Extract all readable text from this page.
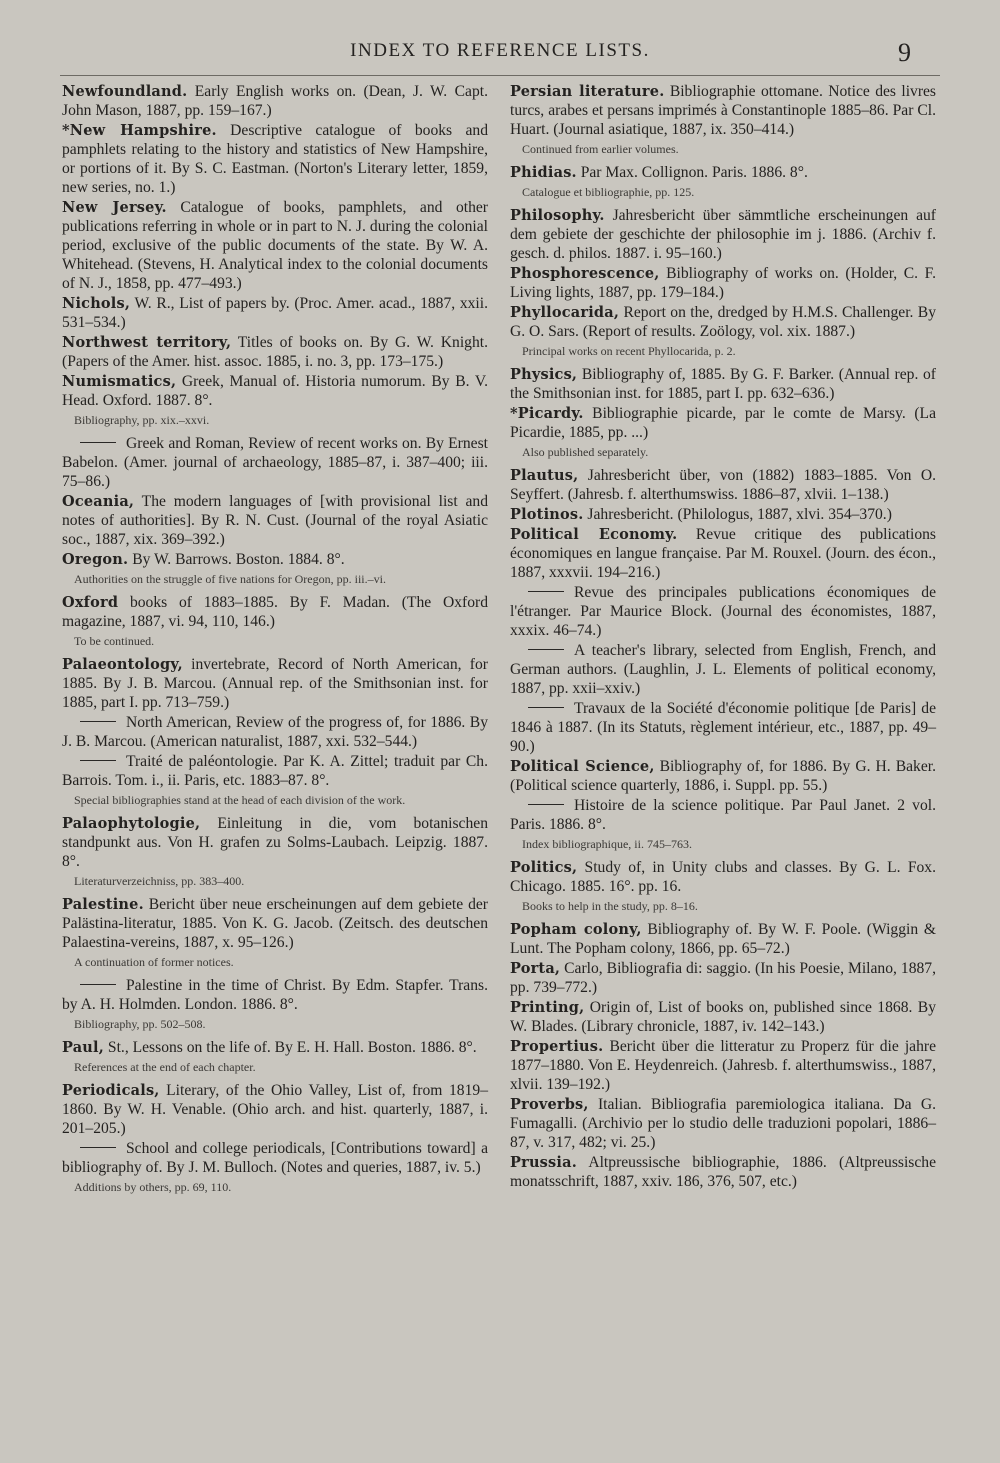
INDEX TO REFERENCE LISTS.	9
Newfoundland. Early English works on. (Dean, J. W. Capt. John Mason, 1887, pp. 159–167.)
*New Hampshire. Descriptive catalogue of books and pamphlets relating to the history and statistics of New Hampshire, or portions of it. By S. C. Eastman. (Norton's Literary letter, 1859, new series, no. 1.)
New Jersey. Catalogue of books, pamphlets, and other publications referring in whole or in part to N. J. during the colonial period, exclusive of the public documents of the state. By W. A. Whitehead. (Stevens, H. Analytical index to the colonial documents of N. J., 1858, pp. 477–493.)
Nichols, W. R., List of papers by. (Proc. Amer. acad., 1887, xxii. 531–534.)
Northwest territory, Titles of books on. By G. W. Knight. (Papers of the Amer. hist. assoc. 1885, i. no. 3, pp. 173–175.)
Numismatics, Greek, Manual of. Historia numorum. By B. V. Head. Oxford. 1887. 8°.
Bibliography, pp. xix.–xxvi.
Greek and Roman, Review of recent works on. By Ernest Babelon. (Amer. journal of archaeology, 1885–87, i. 387–400; iii. 75–86.)
Oceania, The modern languages of [with provisional list and notes of authorities]. By R. N. Cust. (Journal of the royal Asiatic soc., 1887, xix. 369–392.)
Oregon. By W. Barrows. Boston. 1884. 8°.
Authorities on the struggle of five nations for Oregon, pp. iii.–vi.
Oxford books of 1883–1885. By F. Madan. (The Oxford magazine, 1887, vi. 94, 110, 146.)
To be continued.
Palaeontology, invertebrate, Record of North American, for 1885. By J. B. Marcou. (Annual rep. of the Smithsonian inst. for 1885, part I. pp. 713–759.)
North American, Review of the progress of, for 1886. By J. B. Marcou. (American naturalist, 1887, xxi. 532–544.)
Traité de paléontologie. Par K. A. Zittel; traduit par Ch. Barrois. Tom. i., ii. Paris, etc. 1883–87. 8°.
Special bibliographies stand at the head of each division of the work.
Palaophytologie, Einleitung in die, vom botanischen standpunkt aus. Von H. grafen zu Solms-Laubach. Leipzig. 1887. 8°.
Literaturverzeichniss, pp. 383–400.
Palestine. Bericht über neue erscheinungen auf dem gebiete der Palästina-literatur, 1885. Von K. G. Jacob. (Zeitsch. des deutschen Palaestina-vereins, 1887, x. 95–126.)
A continuation of former notices.
Palestine in the time of Christ. By Edm. Stapfer. Trans. by A. H. Holmden. London. 1886. 8°.
Bibliography, pp. 502–508.
Paul, St., Lessons on the life of. By E. H. Hall. Boston. 1886. 8°.
References at the end of each chapter.
Periodicals, Literary, of the Ohio Valley, List of, from 1819–1860. By W. H. Venable. (Ohio arch. and hist. quarterly, 1887, i. 201–205.)
School and college periodicals, [Contributions toward] a bibliography of. By J. M. Bulloch. (Notes and queries, 1887, iv. 5.)
Additions by others, pp. 69, 110.
Persian literature. Bibliographie ottomane. Notice des livres turcs, arabes et persans imprimés à Constantinople 1885–86. Par Cl. Huart. (Journal asiatique, 1887, ix. 350–414.)
Continued from earlier volumes.
Phidias. Par Max. Collignon. Paris. 1886. 8°.
Catalogue et bibliographie, pp. 125.
Philosophy. Jahresbericht über sämmtliche erscheinungen auf dem gebiete der geschichte der philosophie im j. 1886. (Archiv f. gesch. d. philos. 1887. i. 95–160.)
Phosphorescence, Bibliography of works on. (Holder, C. F. Living lights, 1887, pp. 179–184.)
Phyllocarida, Report on the, dredged by H.M.S. Challenger. By G. O. Sars. (Report of results. Zoölogy, vol. xix. 1887.)
Principal works on recent Phyllocarida, p. 2.
Physics, Bibliography of, 1885. By G. F. Barker. (Annual rep. of the Smithsonian inst. for 1885, part I. pp. 632–636.)
*Picardy. Bibliographie picarde, par le comte de Marsy. (La Picardie, 1885, pp. ...)
Also published separately.
Plautus, Jahresbericht über, von (1882) 1883–1885. Von O. Seyffert. (Jahresb. f. alterthumswiss. 1886–87, xlvii. 1–138.)
Plotinos. Jahresbericht. (Philologus, 1887, xlvi. 354–370.)
Political Economy. Revue critique des publications économiques en langue française. Par M. Rouxel. (Journ. des écon., 1887, xxxvii. 194–216.)
Revue des principales publications économiques de l'étranger. Par Maurice Block. (Journal des économistes, 1887, xxxix. 46–74.)
A teacher's library, selected from English, French, and German authors. (Laughlin, J. L. Elements of political economy, 1887, pp. xxii–xxiv.)
Travaux de la Société d'économie politique [de Paris] de 1846 à 1887. (In its Statuts, règlement intérieur, etc., 1887, pp. 49–90.)
Political Science, Bibliography of, for 1886. By G. H. Baker. (Political science quarterly, 1886, i. Suppl. pp. 55.)
Histoire de la science politique. Par Paul Janet. 2 vol. Paris. 1886. 8°.
Index bibliographique, ii. 745–763.
Politics, Study of, in Unity clubs and classes. By G. L. Fox. Chicago. 1885. 16°. pp. 16.
Books to help in the study, pp. 8–16.
Popham colony, Bibliography of. By W. F. Poole. (Wiggin & Lunt. The Popham colony, 1866, pp. 65–72.)
Porta, Carlo, Bibliografia di: saggio. (In his Poesie, Milano, 1887, pp. 739–772.)
Printing, Origin of, List of books on, published since 1868. By W. Blades. (Library chronicle, 1887, iv. 142–143.)
Propertius. Bericht über die litteratur zu Properz für die jahre 1877–1880. Von E. Heydenreich. (Jahresb. f. alterthumswiss., 1887, xlvii. 139–192.)
Proverbs, Italian. Bibliografia paremiologica italiana. Da G. Fumagalli. (Archivio per lo studio delle traduzioni popolari, 1886–87, v. 317, 482; vi. 25.)
Prussia. Altpreussische bibliographie, 1886. (Altpreussische monatsschrift, 1887, xxiv. 186, 376, 507, etc.)
